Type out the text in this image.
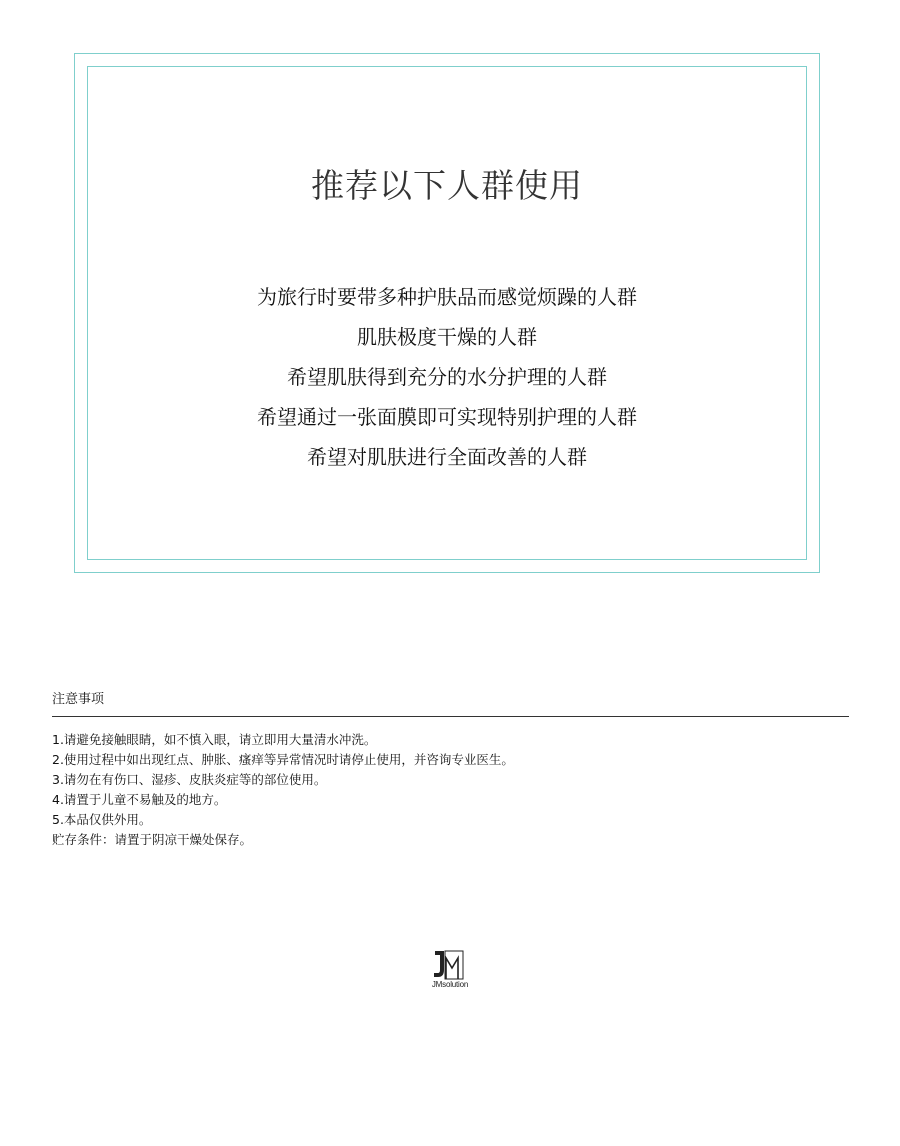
推荐以下人群使用
为旅行时要带多种护肤品而感觉烦躁的人群
肌肤极度干燥的人群
希望肌肤得到充分的水分护理的人群
希望通过一张面膜即可实现特别护理的人群
希望对肌肤进行全面改善的人群
注意事项
1.请避免接触眼睛，如不慎入眼，请立即用大量清水冲洗。
2.使用过程中如出现红点、肿胀、瘙痒等异常情况时请停止使用，并咨询专业医生。
3.请勿在有伤口、湿疹、皮肤炎症等的部位使用。
4.请置于儿童不易触及的地方。
5.本品仅供外用。
贮存条件：请置于阴凉干燥处保存。
JMsolution
